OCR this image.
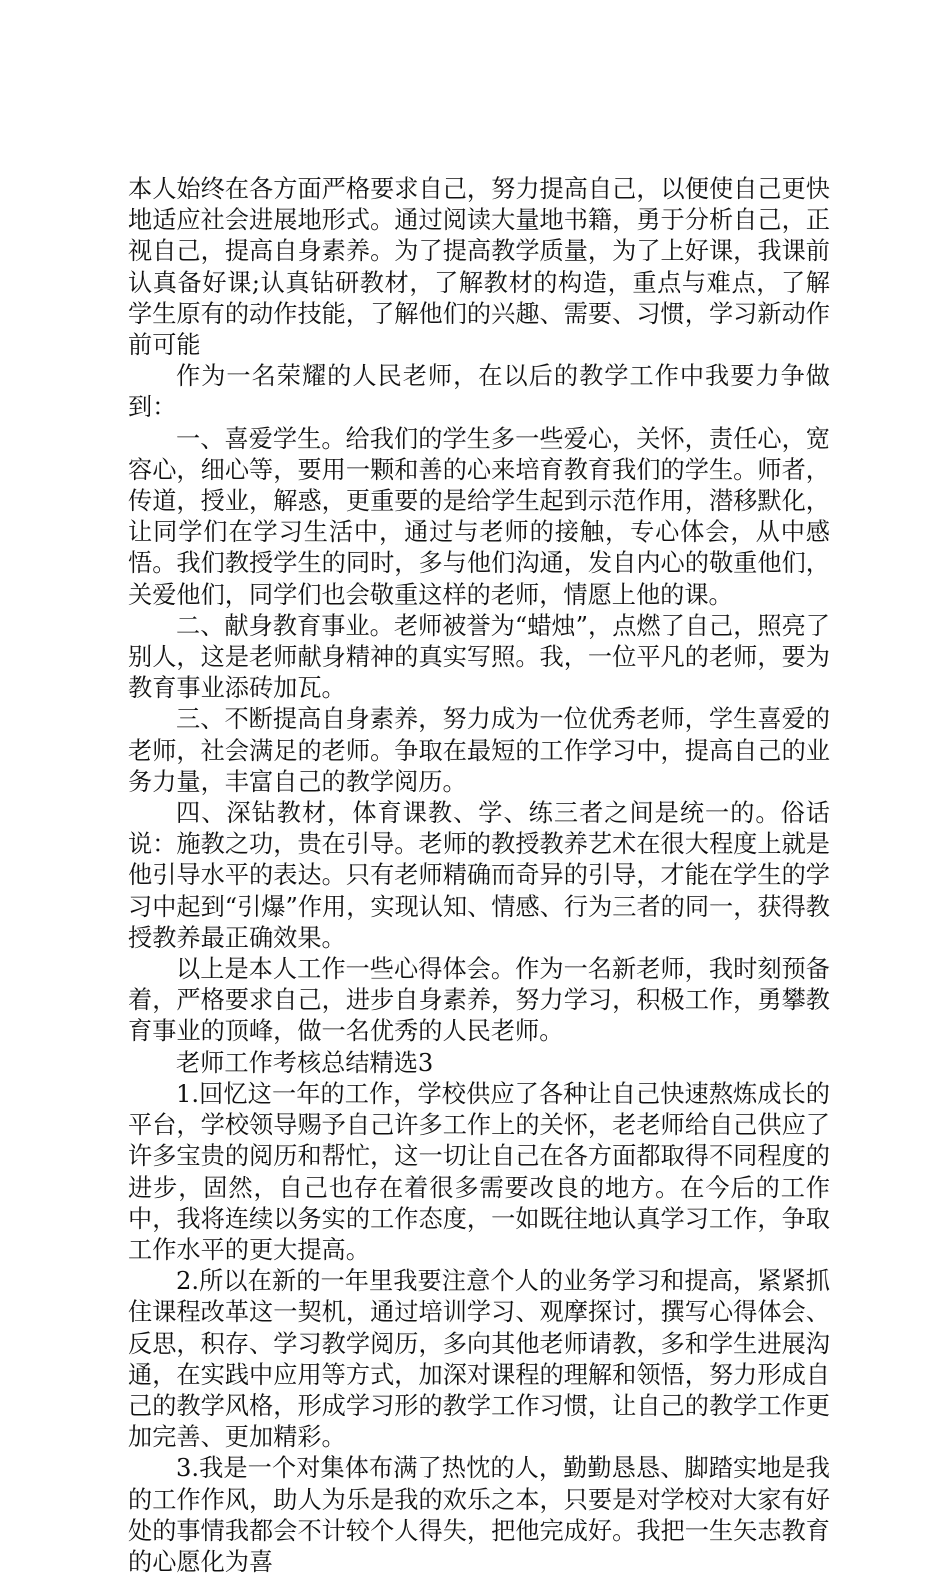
本人始终在各方面严格要求自己，努力提高自己，以便使自己更快地适应社会进展地形式。通过阅读大量地书籍，勇于分析自己，正视自己，提高自身素养。为了提高教学质量，为了上好课，我课前认真备好课;认真钻研教材，了解教材的构造，重点与难点，了解学生原有的动作技能，了解他们的兴趣、需要、习惯，学习新动作前可能

作为一名荣耀的人民老师，在以后的教学工作中我要力争做到：

一、喜爱学生。给我们的学生多一些爱心，关怀，责任心，宽容心，细心等，要用一颗和善的心来培育教育我们的学生。师者，传道，授业，解惑，更重要的是给学生起到示范作用，潜移默化，让同学们在学习生活中，通过与老师的接触，专心体会，从中感悟。我们教授学生的同时，多与他们沟通，发自内心的敬重他们，关爱他们，同学们也会敬重这样的老师，情愿上他的课。

二、献身教育事业。老师被誉为“蜡烛”，点燃了自己，照亮了别人，这是老师献身精神的真实写照。我，一位平凡的老师，要为教育事业添砖加瓦。

三、不断提高自身素养，努力成为一位优秀老师，学生喜爱的老师，社会满足的老师。争取在最短的工作学习中，提高自己的业务力量，丰富自己的教学阅历。

四、深钻教材，体育课教、学、练三者之间是统一的。俗话说：施教之功，贵在引导。老师的教授教养艺术在很大程度上就是他引导水平的表达。只有老师精确而奇异的引导，才能在学生的学习中起到“引爆”作用，实现认知、情感、行为三者的同一，获得教授教养最正确效果。

以上是本人工作一些心得体会。作为一名新老师，我时刻预备着，严格要求自己，进步自身素养，努力学习，积极工作，勇攀教育事业的顶峰，做一名优秀的人民老师。

老师工作考核总结精选3

1.回忆这一年的工作，学校供应了各种让自己快速熬炼成长的平台，学校领导赐予自己许多工作上的关怀，老老师给自己供应了许多宝贵的阅历和帮忙，这一切让自己在各方面都取得不同程度的进步，固然，自己也存在着很多需要改良的地方。在今后的工作中，我将连续以务实的工作态度，一如既往地认真学习工作，争取工作水平的更大提高。

2.所以在新的一年里我要注意个人的业务学习和提高，紧紧抓住课程改革这一契机，通过培训学习、观摩探讨，撰写心得体会、反思，积存、学习教学阅历，多向其他老师请教，多和学生进展沟通，在实践中应用等方式，加深对课程的理解和领悟，努力形成自己的教学风格，形成学习形的教学工作习惯，让自己的教学工作更加完善、更加精彩。

3.我是一个对集体布满了热忱的人，勤勤恳恳、脚踏实地是我的工作作风，助人为乐是我的欢乐之本，只要是对学校对大家有好处的事情我都会不计较个人得失，把他完成好。我把一生矢志教育的心愿化为喜
